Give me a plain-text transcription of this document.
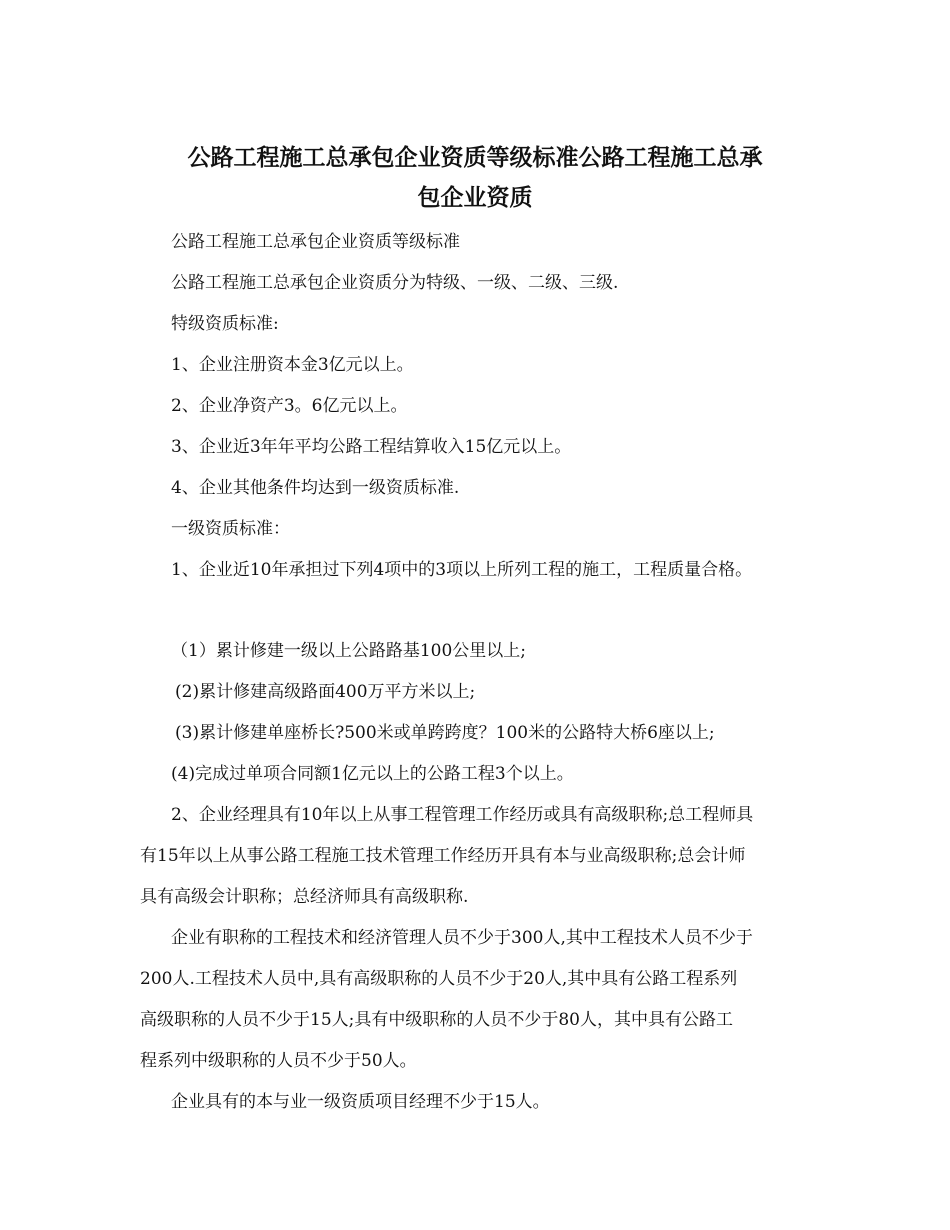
公路工程施工总承包企业资质等级标准公路工程施工总承
包企业资质

公路工程施工总承包企业资质等级标准

公路工程施工总承包企业资质分为特级、一级、二级、三级.

特级资质标准:

1、企业注册资本金3亿元以上。

2、企业净资产3。6亿元以上。

3、企业近3年年平均公路工程结算收入15亿元以上。

4、企业其他条件均达到一级资质标准.

一级资质标准：

1、企业近10年承担过下列4项中的3项以上所列工程的施工，工程质量合格。

（1）累计修建一级以上公路路基100公里以上;

(2)累计修建高级路面400万平方米以上;

(3)累计修建单座桥长?500米或单跨跨度？100米的公路特大桥6座以上;

(4)完成过单项合同额1亿元以上的公路工程3个以上。

2、企业经理具有10年以上从事工程管理工作经历或具有高级职称;总工程师具

有15年以上从事公路工程施工技术管理工作经历开具有本与业高级职称;总会计师

具有高级会计职称；总经济师具有高级职称.

企业有职称的工程技术和经济管理人员不少于300人,其中工程技术人员不少于

200人.工程技术人员中,具有高级职称的人员不少于20人,其中具有公路工程系列

高级职称的人员不少于15人;具有中级职称的人员不少于80人，其中具有公路工

程系列中级职称的人员不少于50人。

企业具有的本与业一级资质项目经理不少于15人。
